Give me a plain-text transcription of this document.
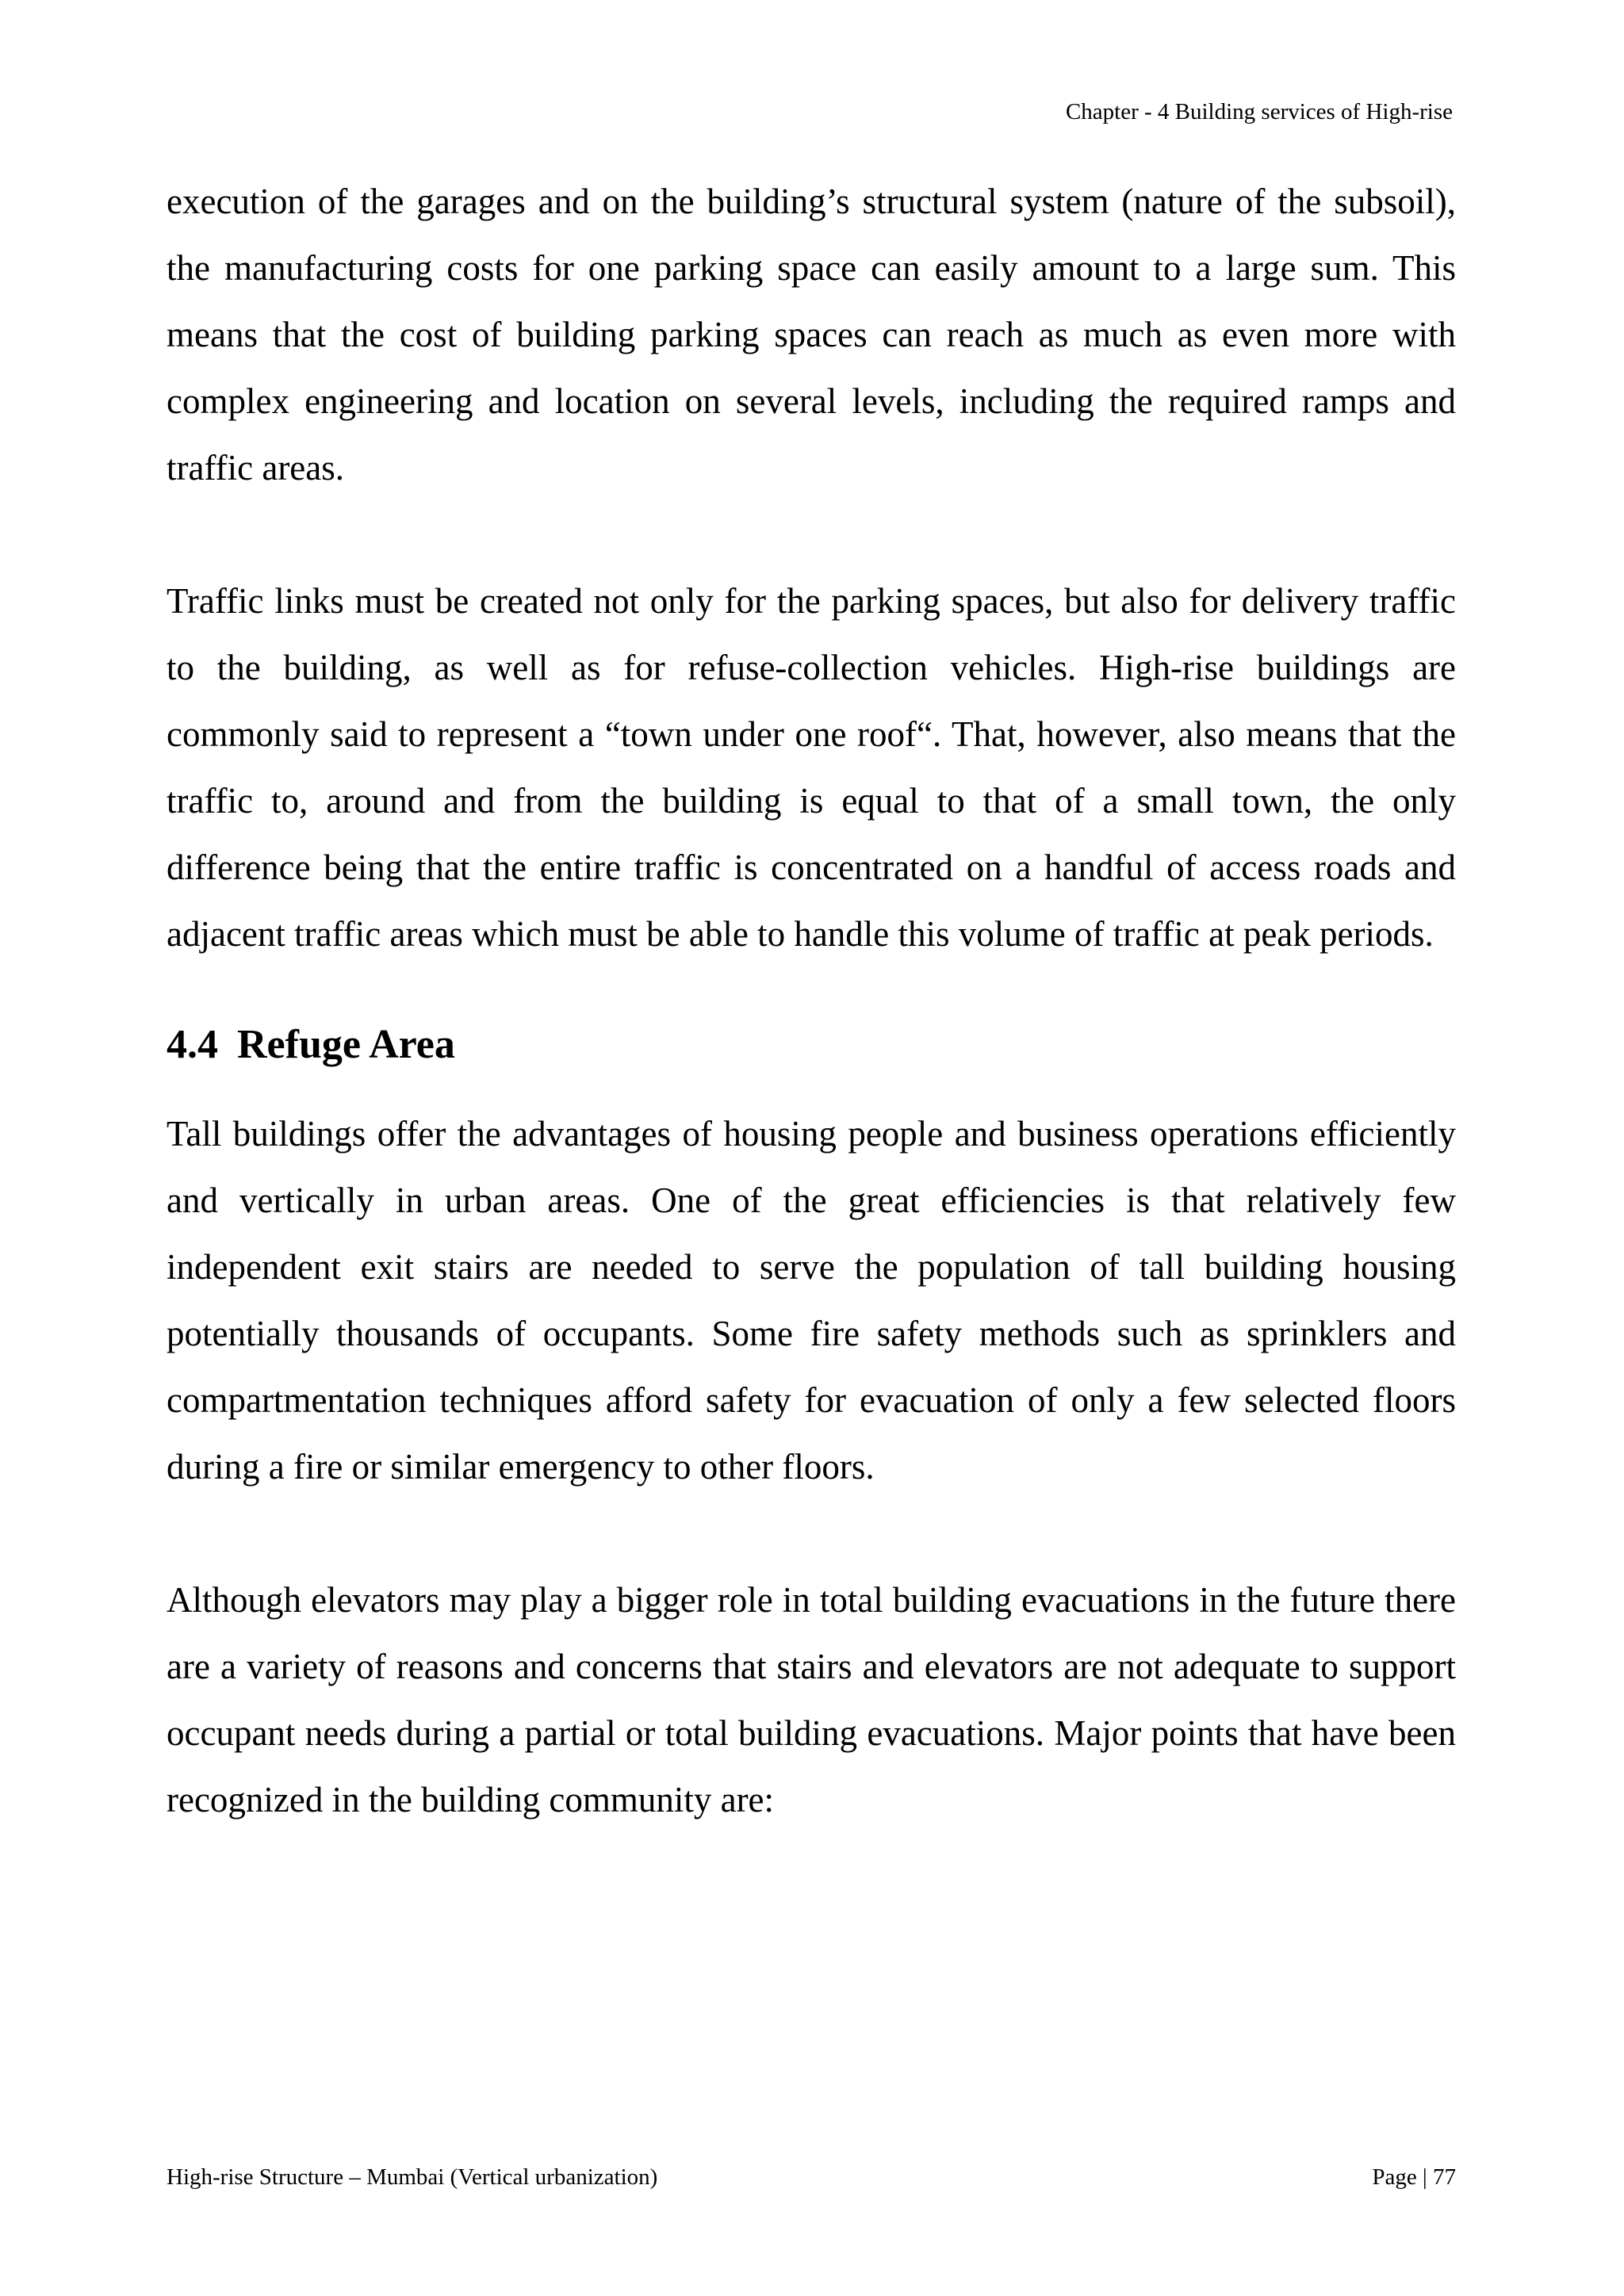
Chapter - 4 Building services of High-rise

execution of the garages and on the building’s structural system (nature of the subsoil), the manufacturing costs for one parking space can easily amount to a large sum. This means that the cost of building parking spaces can reach as much as even more with complex engineering and location on several levels, including the required ramps and traffic areas.

Traffic links must be created not only for the parking spaces, but also for delivery traffic to the building, as well as for refuse-collection vehicles. High-rise buildings are commonly said to represent a “town under one roof“. That, however, also means that the traffic to, around and from the building is equal to that of a small town, the only difference being that the entire traffic is concentrated on a handful of access roads and adjacent traffic areas which must be able to handle this volume of traffic at peak periods.

4.4 Refuge Area

Tall buildings offer the advantages of housing people and business operations efficiently and vertically in urban areas. One of the great efficiencies is that relatively few independent exit stairs are needed to serve the population of tall building housing potentially thousands of occupants. Some fire safety methods such as sprinklers and compartmentation techniques afford safety for evacuation of only a few selected floors during a fire or similar emergency to other floors.

Although elevators may play a bigger role in total building evacuations in the future there are a variety of reasons and concerns that stairs and elevators are not adequate to support occupant needs during a partial or total building evacuations. Major points that have been recognized in the building community are:

High-rise Structure – Mumbai (Vertical urbanization)	Page | 77
